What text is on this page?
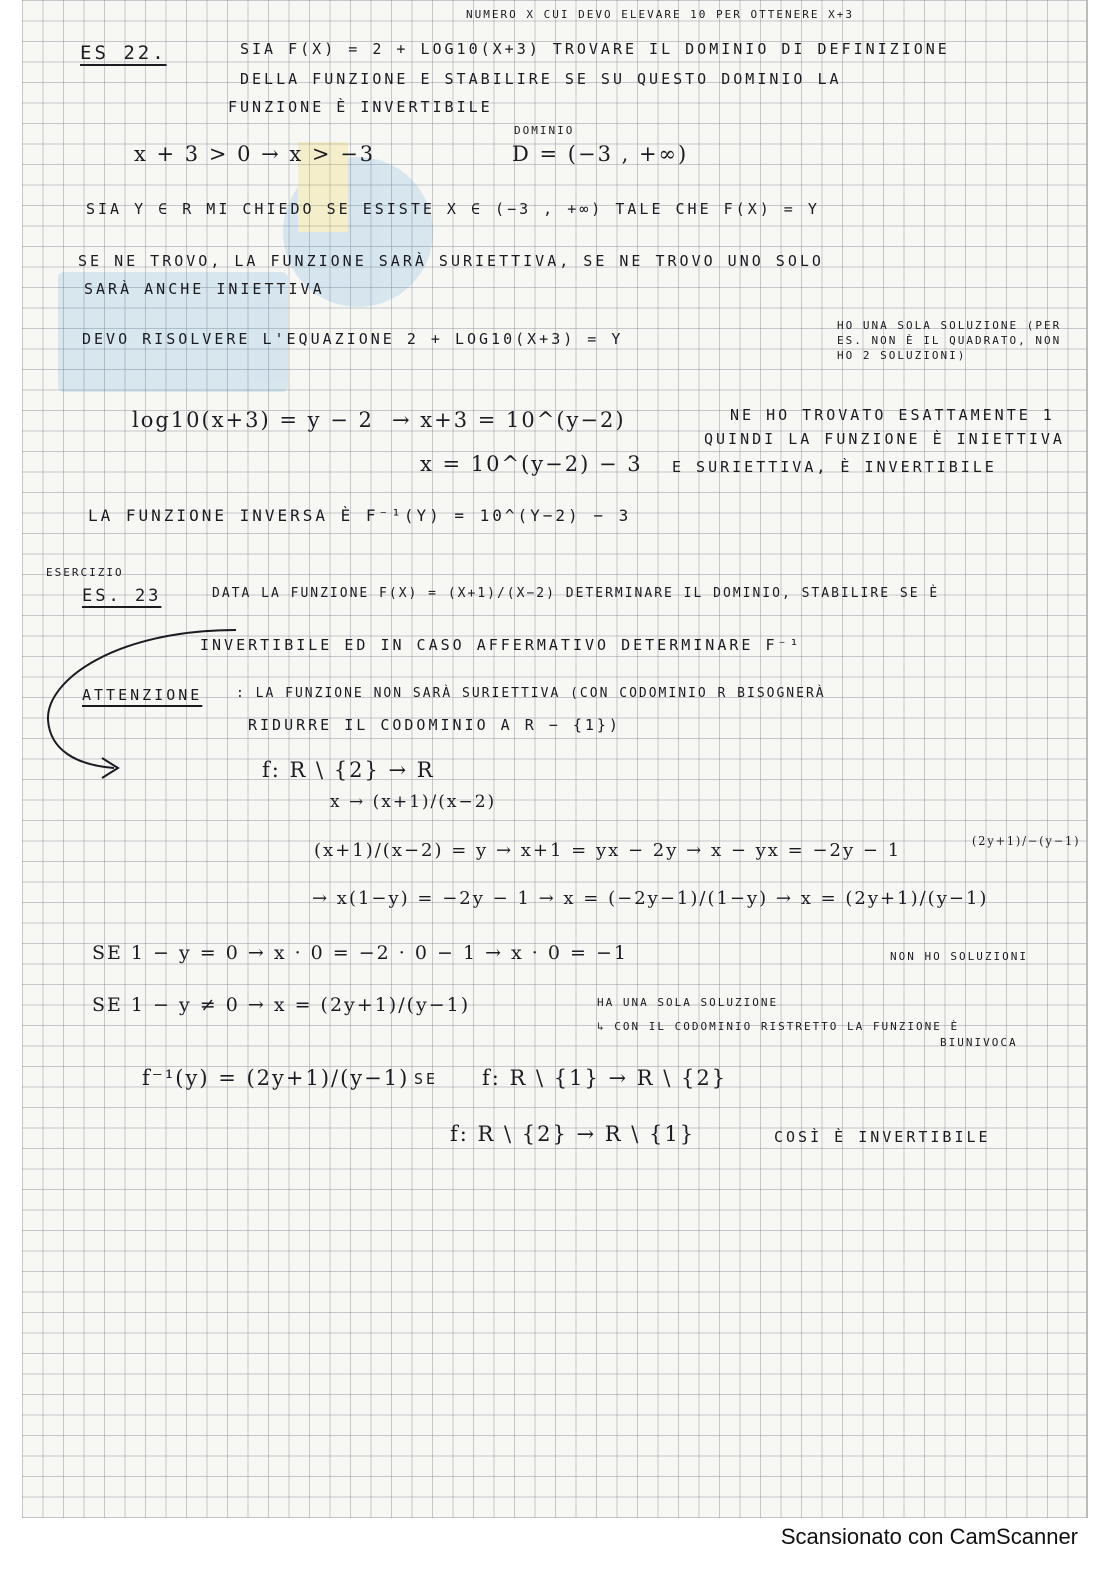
NUMERO X CUI DEVO ELEVARE 10 PER OTTENERE X+3
ES 22.	SIA F(X) = 2 + LOG10(X+3) TROVARE IL DOMINIO DI DEFINIZIONE
DELLA FUNZIONE E STABILIRE SE SU QUESTO DOMINIO LA
FUNZIONE È INVERTIBILE
DOMINIO
x + 3 > 0 → x > −3	D = (−3 , +∞)
SIA Y ∈ R MI CHIEDO SE ESISTE X ∈ (−3 , +∞) TALE CHE F(X) = Y
SE NE TROVO, LA FUNZIONE SARÀ SURIETTIVA, SE NE TROVO UNO SOLO
SARÀ ANCHE INIETTIVA
DEVO RISOLVERE L'EQUAZIONE 2 + LOG10(X+3) = Y
HO UNA SOLA SOLUZIONE (PER ES. NON È IL QUADRATO, NON HO 2 SOLUZIONI)
log10(x+3) = y − 2 → x+3 = 10^(y−2)
x = 10^(y−2) − 3
NE HO TROVATO ESATTAMENTE 1
QUINDI LA FUNZIONE È INIETTIVA
E SURIETTIVA, È INVERTIBILE
LA FUNZIONE INVERSA È F⁻¹(Y) = 10^(Y−2) − 3
ESERCIZIO
ES. 23	DATA LA FUNZIONE F(X) = (X+1)/(X−2) DETERMINARE IL DOMINIO, STABILIRE SE È
INVERTIBILE ED IN CASO AFFERMATIVO DETERMINARE F⁻¹
ATTENZIONE	: LA FUNZIONE NON SARÀ SURIETTIVA (CON CODOMINIO R BISOGNERÀ
RIDURRE IL CODOMINIO A R − {1})
f: R \ {2} → R
x → (x+1)/(x−2)
(x+1)/(x−2) = y → x+1 = yx − 2y → x − yx = −2y − 1
→ x(1−y) = −2y − 1 → x = (−2y−1)/(1−y) → x = (2y+1)/(y−1)
(2y+1)/−(y−1)
SE 1 − y = 0 → x · 0 = −2 · 0 − 1 → x · 0 = −1	NON HO SOLUZIONI
SE 1 − y ≠ 0 → x = (2y+1)/(y−1)	HA UNA SOLA SOLUZIONE
↳ CON IL CODOMINIO RISTRETTO LA FUNZIONE È
BIUNIVOCA
f⁻¹(y) = (2y+1)/(y−1) SE f: R \ {1} → R \ {2}
f: R \ {2} → R \ {1}	COSÌ È INVERTIBILE
Scansionato con CamScanner
